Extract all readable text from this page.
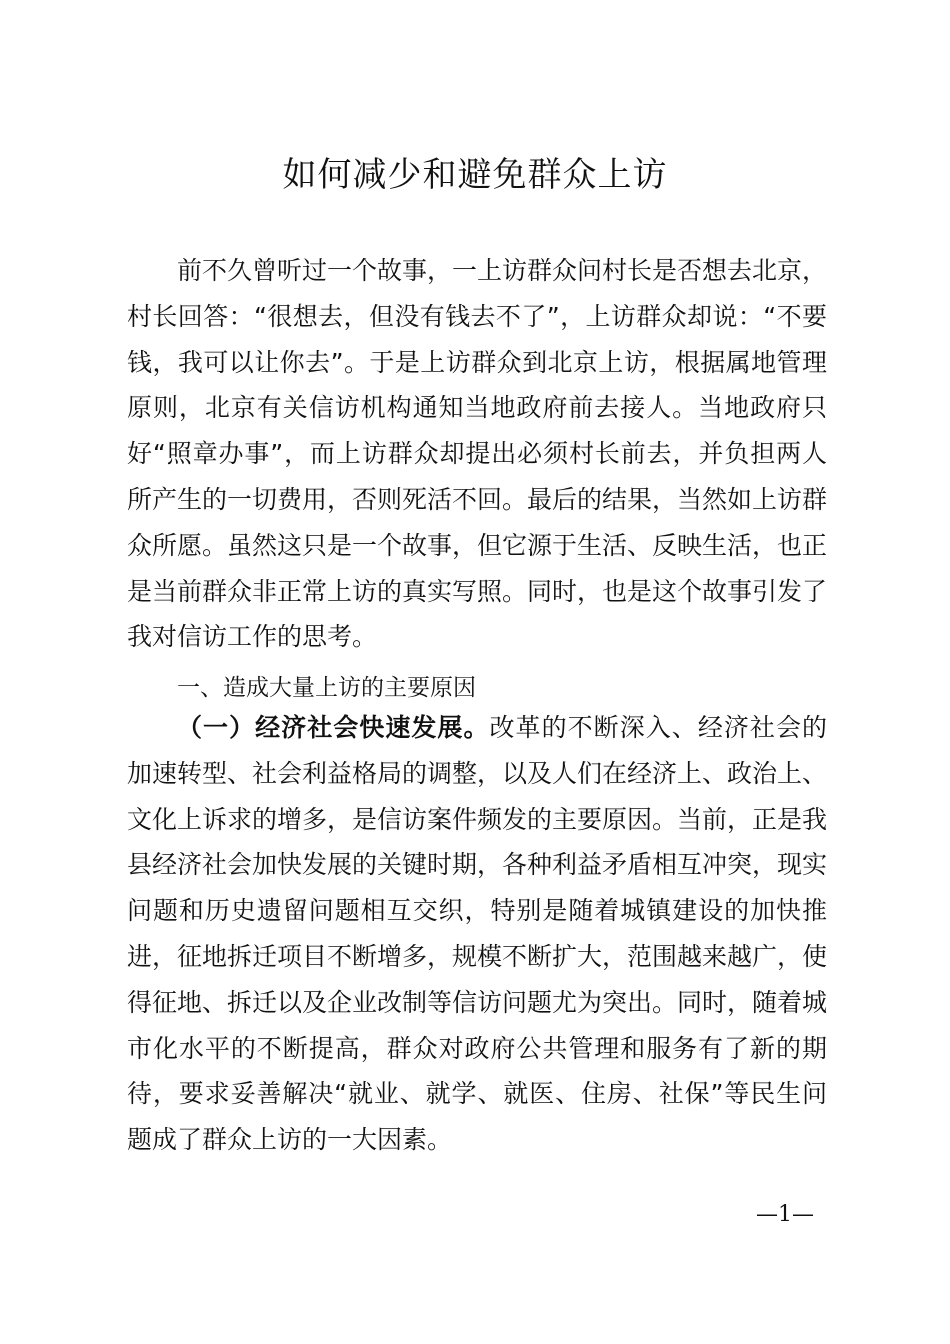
如何减少和避免群众上访

前不久曾听过一个故事，一上访群众问村长是否想去北京，村长回答：“很想去，但没有钱去不了”，上访群众却说：“不要钱，我可以让你去”。于是上访群众到北京上访，根据属地管理原则，北京有关信访机构通知当地政府前去接人。当地政府只好“照章办事”，而上访群众却提出必须村长前去，并负担两人所产生的一切费用，否则死活不回。最后的结果，当然如上访群众所愿。虽然这只是一个故事，但它源于生活、反映生活，也正是当前群众非正常上访的真实写照。同时，也是这个故事引发了我对信访工作的思考。

一、造成大量上访的主要原因

（一）经济社会快速发展。改革的不断深入、经济社会的加速转型、社会利益格局的调整，以及人们在经济上、政治上、文化上诉求的增多，是信访案件频发的主要原因。当前，正是我县经济社会加快发展的关键时期，各种利益矛盾相互冲突，现实问题和历史遗留问题相互交织，特别是随着城镇建设的加快推进，征地拆迁项目不断增多，规模不断扩大，范围越来越广，使得征地、拆迁以及企业改制等信访问题尤为突出。同时，随着城市化水平的不断提高，群众对政府公共管理和服务有了新的期待，要求妥善解决“就业、就学、就医、住房、社保”等民生问题成了群众上访的一大因素。

—1—
